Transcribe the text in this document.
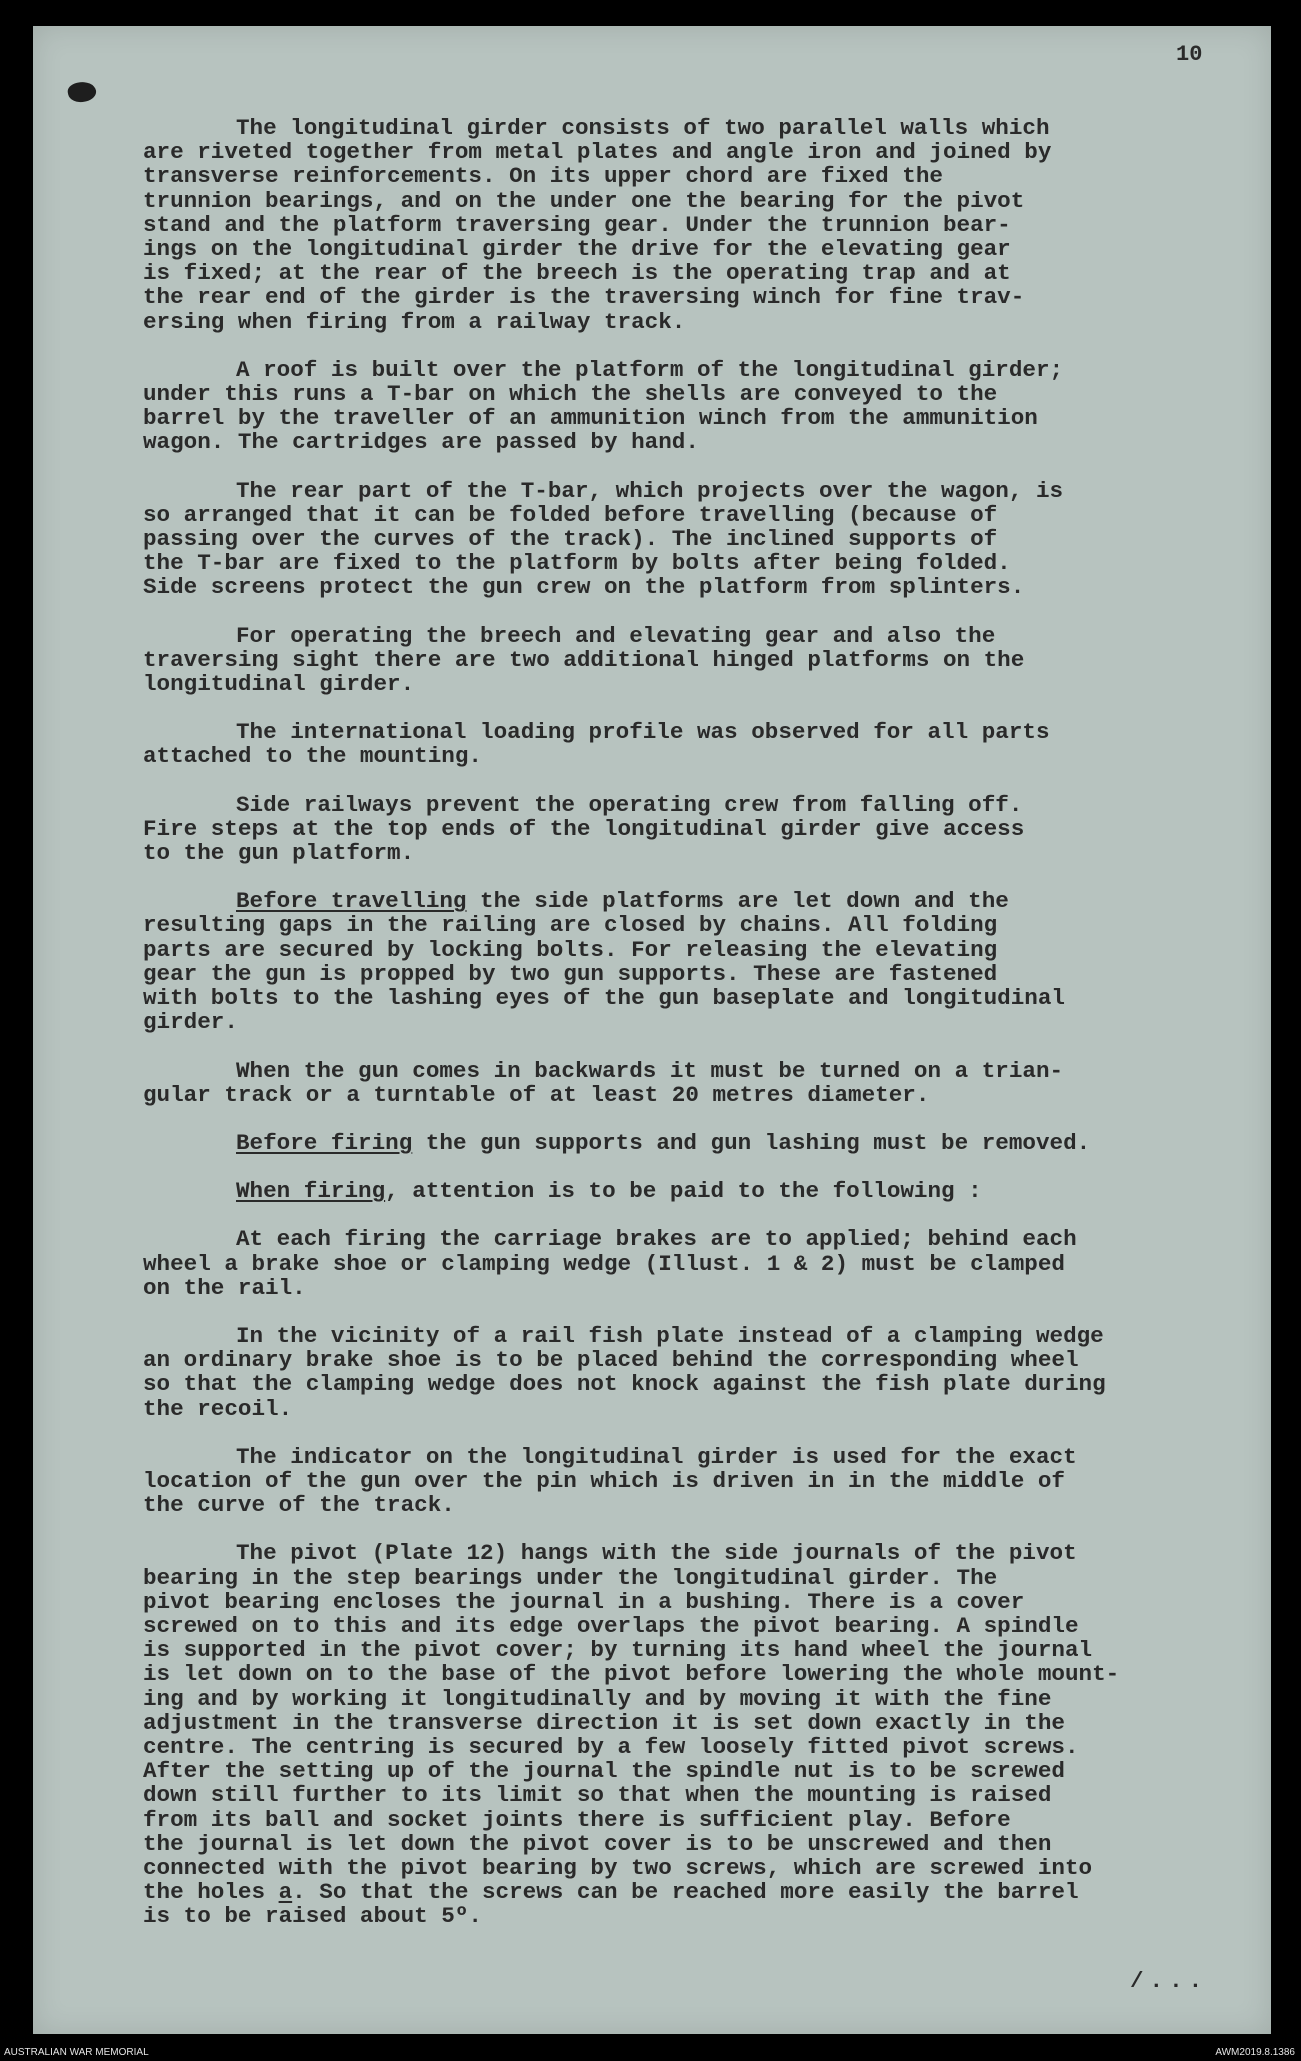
10

The longitudinal girder consists of two parallel walls which
are riveted together from metal plates and angle iron and joined by
transverse reinforcements. On its upper chord are fixed the
trunnion bearings, and on the under one the bearing for the pivot
stand and the platform traversing gear. Under the trunnion bear-
ings on the longitudinal girder the drive for the elevating gear
is fixed; at the rear of the breech is the operating trap and at
the rear end of the girder is the traversing winch for fine trav-
ersing when firing from a railway track.

A roof is built over the platform of the longitudinal girder;
under this runs a T-bar on which the shells are conveyed to the
barrel by the traveller of an ammunition winch from the ammunition
wagon. The cartridges are passed by hand.

The rear part of the T-bar, which projects over the wagon, is
so arranged that it can be folded before travelling (because of
passing over the curves of the track). The inclined supports of
the T-bar are fixed to the platform by bolts after being folded.
Side screens protect the gun crew on the platform from splinters.

For operating the breech and elevating gear and also the
traversing sight there are two additional hinged platforms on the
longitudinal girder.

The international loading profile was observed for all parts
attached to the mounting.

Side railways prevent the operating crew from falling off.
Fire steps at the top ends of the longitudinal girder give access
to the gun platform.

Before travelling the side platforms are let down and the
resulting gaps in the railing are closed by chains. All folding
parts are secured by locking bolts. For releasing the elevating
gear the gun is propped by two gun supports. These are fastened
with bolts to the lashing eyes of the gun baseplate and longitudinal
girder.

When the gun comes in backwards it must be turned on a trian-
gular track or a turntable of at least 20 metres diameter.

Before firing the gun supports and gun lashing must be removed.

When firing, attention is to be paid to the following :

At each firing the carriage brakes are to applied; behind each
wheel a brake shoe or clamping wedge (Illust. 1 & 2) must be clamped
on the rail.

In the vicinity of a rail fish plate instead of a clamping wedge
an ordinary brake shoe is to be placed behind the corresponding wheel
so that the clamping wedge does not knock against the fish plate during
the recoil.

The indicator on the longitudinal girder is used for the exact
location of the gun over the pin which is driven in in the middle of
the curve of the track.

The pivot (Plate 12) hangs with the side journals of the pivot
bearing in the step bearings under the longitudinal girder. The
pivot bearing encloses the journal in a bushing. There is a cover
screwed on to this and its edge overlaps the pivot bearing. A spindle
is supported in the pivot cover; by turning its hand wheel the journal
is let down on to the base of the pivot before lowering the whole mount-
ing and by working it longitudinally and by moving it with the fine
adjustment in the transverse direction it is set down exactly in the
centre. The centring is secured by a few loosely fitted pivot screws.
After the setting up of the journal the spindle nut is to be screwed
down still further to its limit so that when the mounting is raised
from its ball and socket joints there is sufficient play. Before
the journal is let down the pivot cover is to be unscrewed and then
connected with the pivot bearing by two screws, which are screwed into
the holes a. So that the screws can be reached more easily the barrel
is to be raised about 5º.

/...
AUSTRALIAN WAR MEMORIAL	AWM2019.8.1386
